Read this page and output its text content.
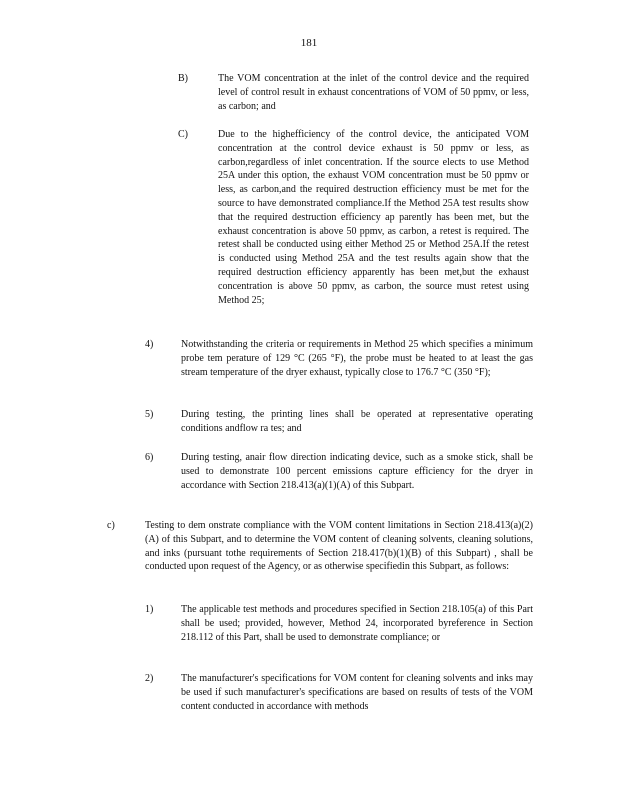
181
B)	The VOM concentration at the inlet of the control device and the required level of control result in exhaust concentrations of VOM of 50 ppmv, or less, as carbon; and
C)	Due to the highefficiency of the control device, the anticipated VOM concentration at the control device exhaust is 50 ppmv or less, as carbon,regardless of inlet concentration. If the source elects to use Method 25A under this option, the exhaust VOM concentration must be 50 ppmv or less, as carbon,and the required destruction efficiency must be met for the source to have demonstrated compliance.If the Method 25A test results show that the required destruction efficiency ap parently has been met, but the exhaust concentration is above 50 ppmv, as carbon, a retest is required. The retest shall be conducted using either Method 25 or Method 25A.If the retest is conducted using Method 25A and the test results again show that the required destruction efficiency apparently has been met,but the exhaust concentration is above 50 ppmv, as carbon, the source must retest using Method 25;
4)	Notwithstanding the criteria or requirements in Method 25 which specifies a minimum probe tem perature of 129 °C (265 °F), the probe must be heated to at least the gas stream temperature of the dryer exhaust, typically close to 176.7 °C (350 °F);
5)	During testing, the printing lines shall be operated at representative operating conditions andflow ra tes; and
6)	During testing, anair flow direction indicating device, such as a smoke stick, shall be used to demonstrate 100 percent emissions capture efficiency for the dryer in accordance with Section 218.413(a)(1)(A) of this Subpart.
c)	Testing to dem onstrate compliance with the VOM content limitations in Section 218.413(a)(2)(A) of this Subpart, and to determine the VOM content of cleaning solvents, cleaning solutions, and inks (pursuant tothe requirements of Section 218.417(b)(1)(B) of this Subpart) , shall be conducted upon request of the Agency, or as otherwise specifiedin this Subpart, as follows:
1)	The applicable test methods and procedures specified in Section 218.105(a) of this Part shall be used; provided, however, Method 24, incorporated byreference in Section 218.112 of this Part, shall be used to demonstrate compliance; or
2)	The manufacturer's specifications for VOM content for cleaning solvents and inks may be used if such manufacturer's specifications are based on results of tests of the VOM content conducted in accordance with methods
